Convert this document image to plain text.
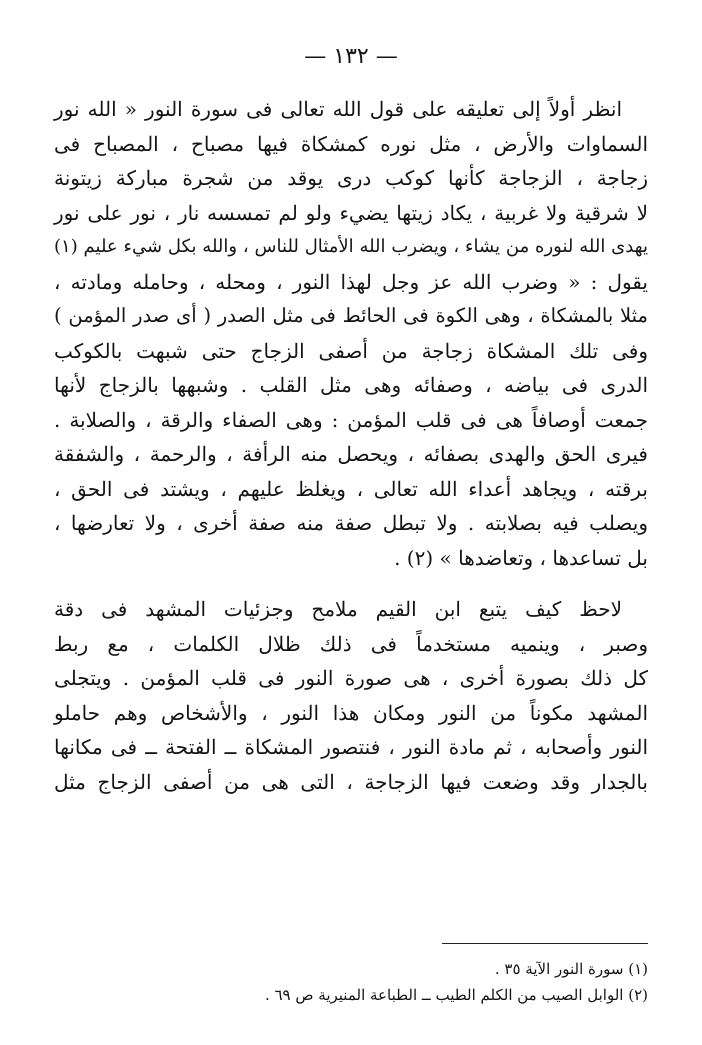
— ١٣٢ —

انظر أولاً إلى تعليقه على قول الله تعالى فى سورة النور « الله نور
السماوات والأرض ، مثل نوره كمشكاة فيها مصباح ، المصباح فى
زجاجة ، الزجاجة كأنها كوكب درى يوقد من شجرة مباركة زيتونة
لا شرقية ولا غربية ، يكاد زيتها يضيء ولو لم تمسسه نار ، نور على نور
يهدى الله لنوره من يشاء ، ويضرب الله الأمثال للناس ، والله بكل شيء عليم (١)
يقول : « وضرب الله عز وجل لهذا النور ، ومحله ، وحامله ومادته ،
مثلا بالمشكاة ، وهى الكوة فى الحائط فى مثل الصدر ( أى صدر المؤمن )
وفى تلك المشكاة زجاجة من أصفى الزجاج حتى شبهت بالكوكب
الدرى فى بياضه ، وصفائه وهى مثل القلب . وشبهها بالزجاج لأنها
جمعت أوصافاً هى فى قلب المؤمن : وهى الصفاء والرقة ، والصلابة .
فيرى الحق والهدى بصفائه ، ويحصل منه الرأفة ، والرحمة ، والشفقة
برقته ، ويجاهد أعداء الله تعالى ، ويغلظ عليهم ، ويشتد فى الحق ،
ويصلب فيه بصلابته . ولا تبطل صفة منه صفة أخرى ، ولا تعارضها ،
بل تساعدها ، وتعاضدها » (٢) .

لاحظ كيف يتبع ابن القيم ملامح وجزئيات المشهد فى دقة
وصبر ، وينميه مستخدماً فى ذلك ظلال الكلمات ، مع ربط
كل ذلك بصورة أخرى ، هى صورة النور فى قلب المؤمن . ويتجلى
المشهد مكوناً من النور ومكان هذا النور ، والأشخاص وهم حاملو
النور وأصحابه ، ثم مادة النور ، فنتصور المشكاة ــ الفتحة ــ فى مكانها
بالجدار وقد وضعت فيها الزجاجة ، التى هى من أصفى الزجاج مثل

(١) سورة النور الآية ٣٥ .
(٢) الوابل الصيب من الكلم الطيب ــ الطباعة المنيرية ص ٦٩ .
